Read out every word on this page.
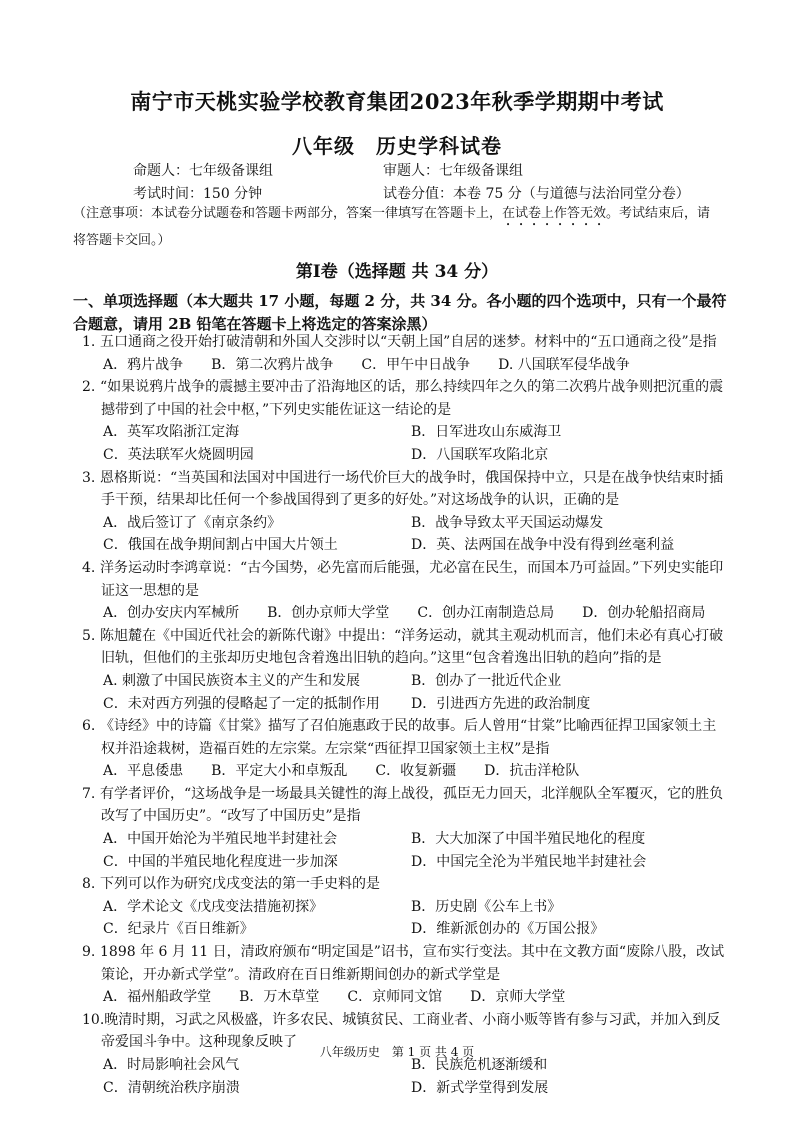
南宁市天桃实验学校教育集团2023年秋季学期期中考试
八年级　历史学科试卷
命题人：七年级备课组	审题人：七年级备课组
考试时间：150 分钟	试卷分值：本卷 75 分（与道德与法治同堂分卷）
（注意事项：本试卷分试题卷和答题卡两部分，答案一律填写在答题卡上，在试卷上作答无效。考试结束后，请将答题卡交回。）
第Ⅰ卷（选择题 共 34 分）
一、单项选择题（本大题共 17 小题，每题 2 分，共 34 分。各小题的四个选项中，只有一个最符合题意，请用 2B 铅笔在答题卡上将选定的答案涂黑）
1. 五口通商之役开始打破清朝和外国人交涉时以“天朝上国”自居的迷梦。材料中的“五口通商之役”是指
A．鸦片战争 B．第二次鸦片战争 C．甲午中日战争 D. 八国联军侵华战争
2. “如果说鸦片战争的震撼主要冲击了沿海地区的话，那么持续四年之久的第二次鸦片战争则把沉重的震撼带到了中国的社会中枢，”下列史实能佐证这一结论的是
A．英军攻陷浙江定海	B．日军进攻山东威海卫
C．英法联军火烧圆明园	D．八国联军攻陷北京
3. 恩格斯说：“当英国和法国对中国进行一场代价巨大的战争时，俄国保持中立，只是在战争快结束时插手干预，结果却比任何一个参战国得到了更多的好处。”对这场战争的认识，正确的是
A．战后签订了《南京条约》	B．战争导致太平天国运动爆发
C．俄国在战争期间割占中国大片领土	D．英、法两国在战争中没有得到丝毫利益
4. 洋务运动时李鸿章说：“古今国势，必先富而后能强，尤必富在民生，而国本乃可益固。”下列史实能印证这一思想的是
A．创办安庆内军械所 B．创办京师大学堂 C．创办江南制造总局 D．创办轮船招商局
5. 陈旭麓在《中国近代社会的新陈代谢》中提出：“洋务运动，就其主观动机而言，他们未必有真心打破旧轨，但他们的主张却历史地包含着逸出旧轨的趋向。”这里“包含着逸出旧轨的趋向”指的是
A. 刺激了中国民族资本主义的产生和发展	B．创办了一批近代企业
C．未对西方列强的侵略起了一定的抵制作用	D．引进西方先进的政治制度
6. 《诗经》中的诗篇《甘棠》描写了召伯施惠政于民的故事。后人曾用“甘棠”比喻西征捍卫国家领土主权并沿途栽树，造福百姓的左宗棠。左宗棠“西征捍卫国家领土主权”是指
A．平息倭患 B．平定大小和卓叛乱 C．收复新疆 D．抗击洋枪队
7. 有学者评价，“这场战争是一场最具关键性的海上战役，孤臣无力回天，北洋舰队全军覆灭，它的胜负改写了中国历史”。“改写了中国历史”是指
A．中国开始沦为半殖民地半封建社会	B．大大加深了中国半殖民地化的程度
C．中国的半殖民地化程度进一步加深	D．中国完全沦为半殖民地半封建社会
8. 下列可以作为研究戊戌变法的第一手史料的是
A．学术论文《戊戌变法措施初探》	B．历史剧《公车上书》
C．纪录片《百日维新》	D．维新派创办的《万国公报》
9. 1898 年 6 月 11 日，清政府颁布“明定国是”诏书，宣布实行变法。其中在文教方面“废除八股，改试策论，开办新式学堂”。清政府在百日维新期间创办的新式学堂是
A．福州船政学堂 B．万木草堂 C．京师同文馆 D．京师大学堂
10.晚清时期，习武之风极盛，许多农民、城镇贫民、工商业者、小商小贩等皆有参与习武，并加入到反帝爱国斗争中。这种现象反映了
A．时局影响社会风气	B．民族危机逐渐缓和
C．清朝统治秩序崩溃	D．新式学堂得到发展
八年级历史　第 1 页 共 4 页
